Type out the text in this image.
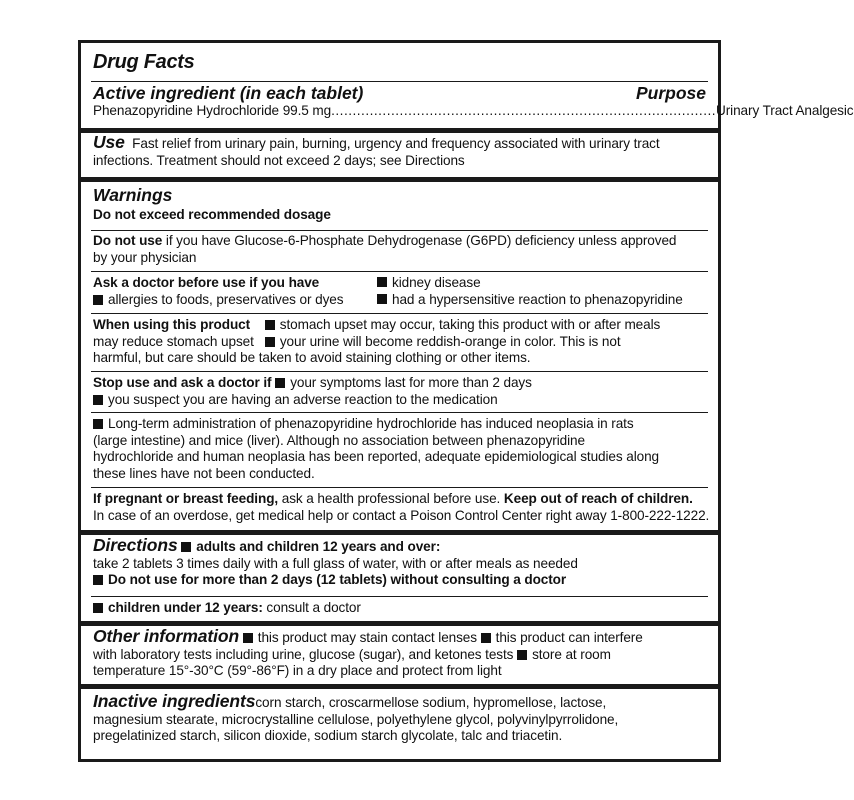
Drug Facts
Active ingredient (in each tablet)	Purpose
Phenazopyridine Hydrochloride 99.5 mg .......................................................................................... Urinary Tract Analgesic
Use Fast relief from urinary pain, burning, urgency and frequency associated with urinary tract
infections. Treatment should not exceed 2 days; see Directions
Warnings
Do not exceed recommended dosage
Do not use if you have Glucose-6-Phosphate Dehydrogenase (G6PD) deficiency unless approved
by your physician
Ask a doctor before use if you have	kidney disease
allergies to foods, preservatives or dyes	had a hypersensitive reaction to phenazopyridine
When using this product stomach upset may occur, taking this product with or after meals
may reduce stomach upset your urine will become reddish-orange in color. This is not
harmful, but care should be taken to avoid staining clothing or other items.
Stop use and ask a doctor if your symptoms last for more than 2 days
you suspect you are having an adverse reaction to the medication
Long-term administration of phenazopyridine hydrochloride has induced neoplasia in rats
(large intestine) and mice (liver). Although no association between phenazopyridine
hydrochloride and human neoplasia has been reported, adequate epidemiological studies along
these lines have not been conducted.
If pregnant or breast feeding, ask a health professional before use. Keep out of reach of children.
In case of an overdose, get medical help or contact a Poison Control Center right away 1-800-222-1222.
Directions adults and children 12 years and over:
take 2 tablets 3 times daily with a full glass of water, with or after meals as needed
Do not use for more than 2 days (12 tablets) without consulting a doctor
children under 12 years: consult a doctor
Other information this product may stain contact lenses this product can interfere
with laboratory tests including urine, glucose (sugar), and ketones tests store at room
temperature 15°-30°C (59°-86°F) in a dry place and protect from light
Inactive ingredientscorn starch, croscarmellose sodium, hypromellose, lactose,
magnesium stearate, microcrystalline cellulose, polyethylene glycol, polyvinylpyrrolidone,
pregelatinized starch, silicon dioxide, sodium starch glycolate, talc and triacetin.
